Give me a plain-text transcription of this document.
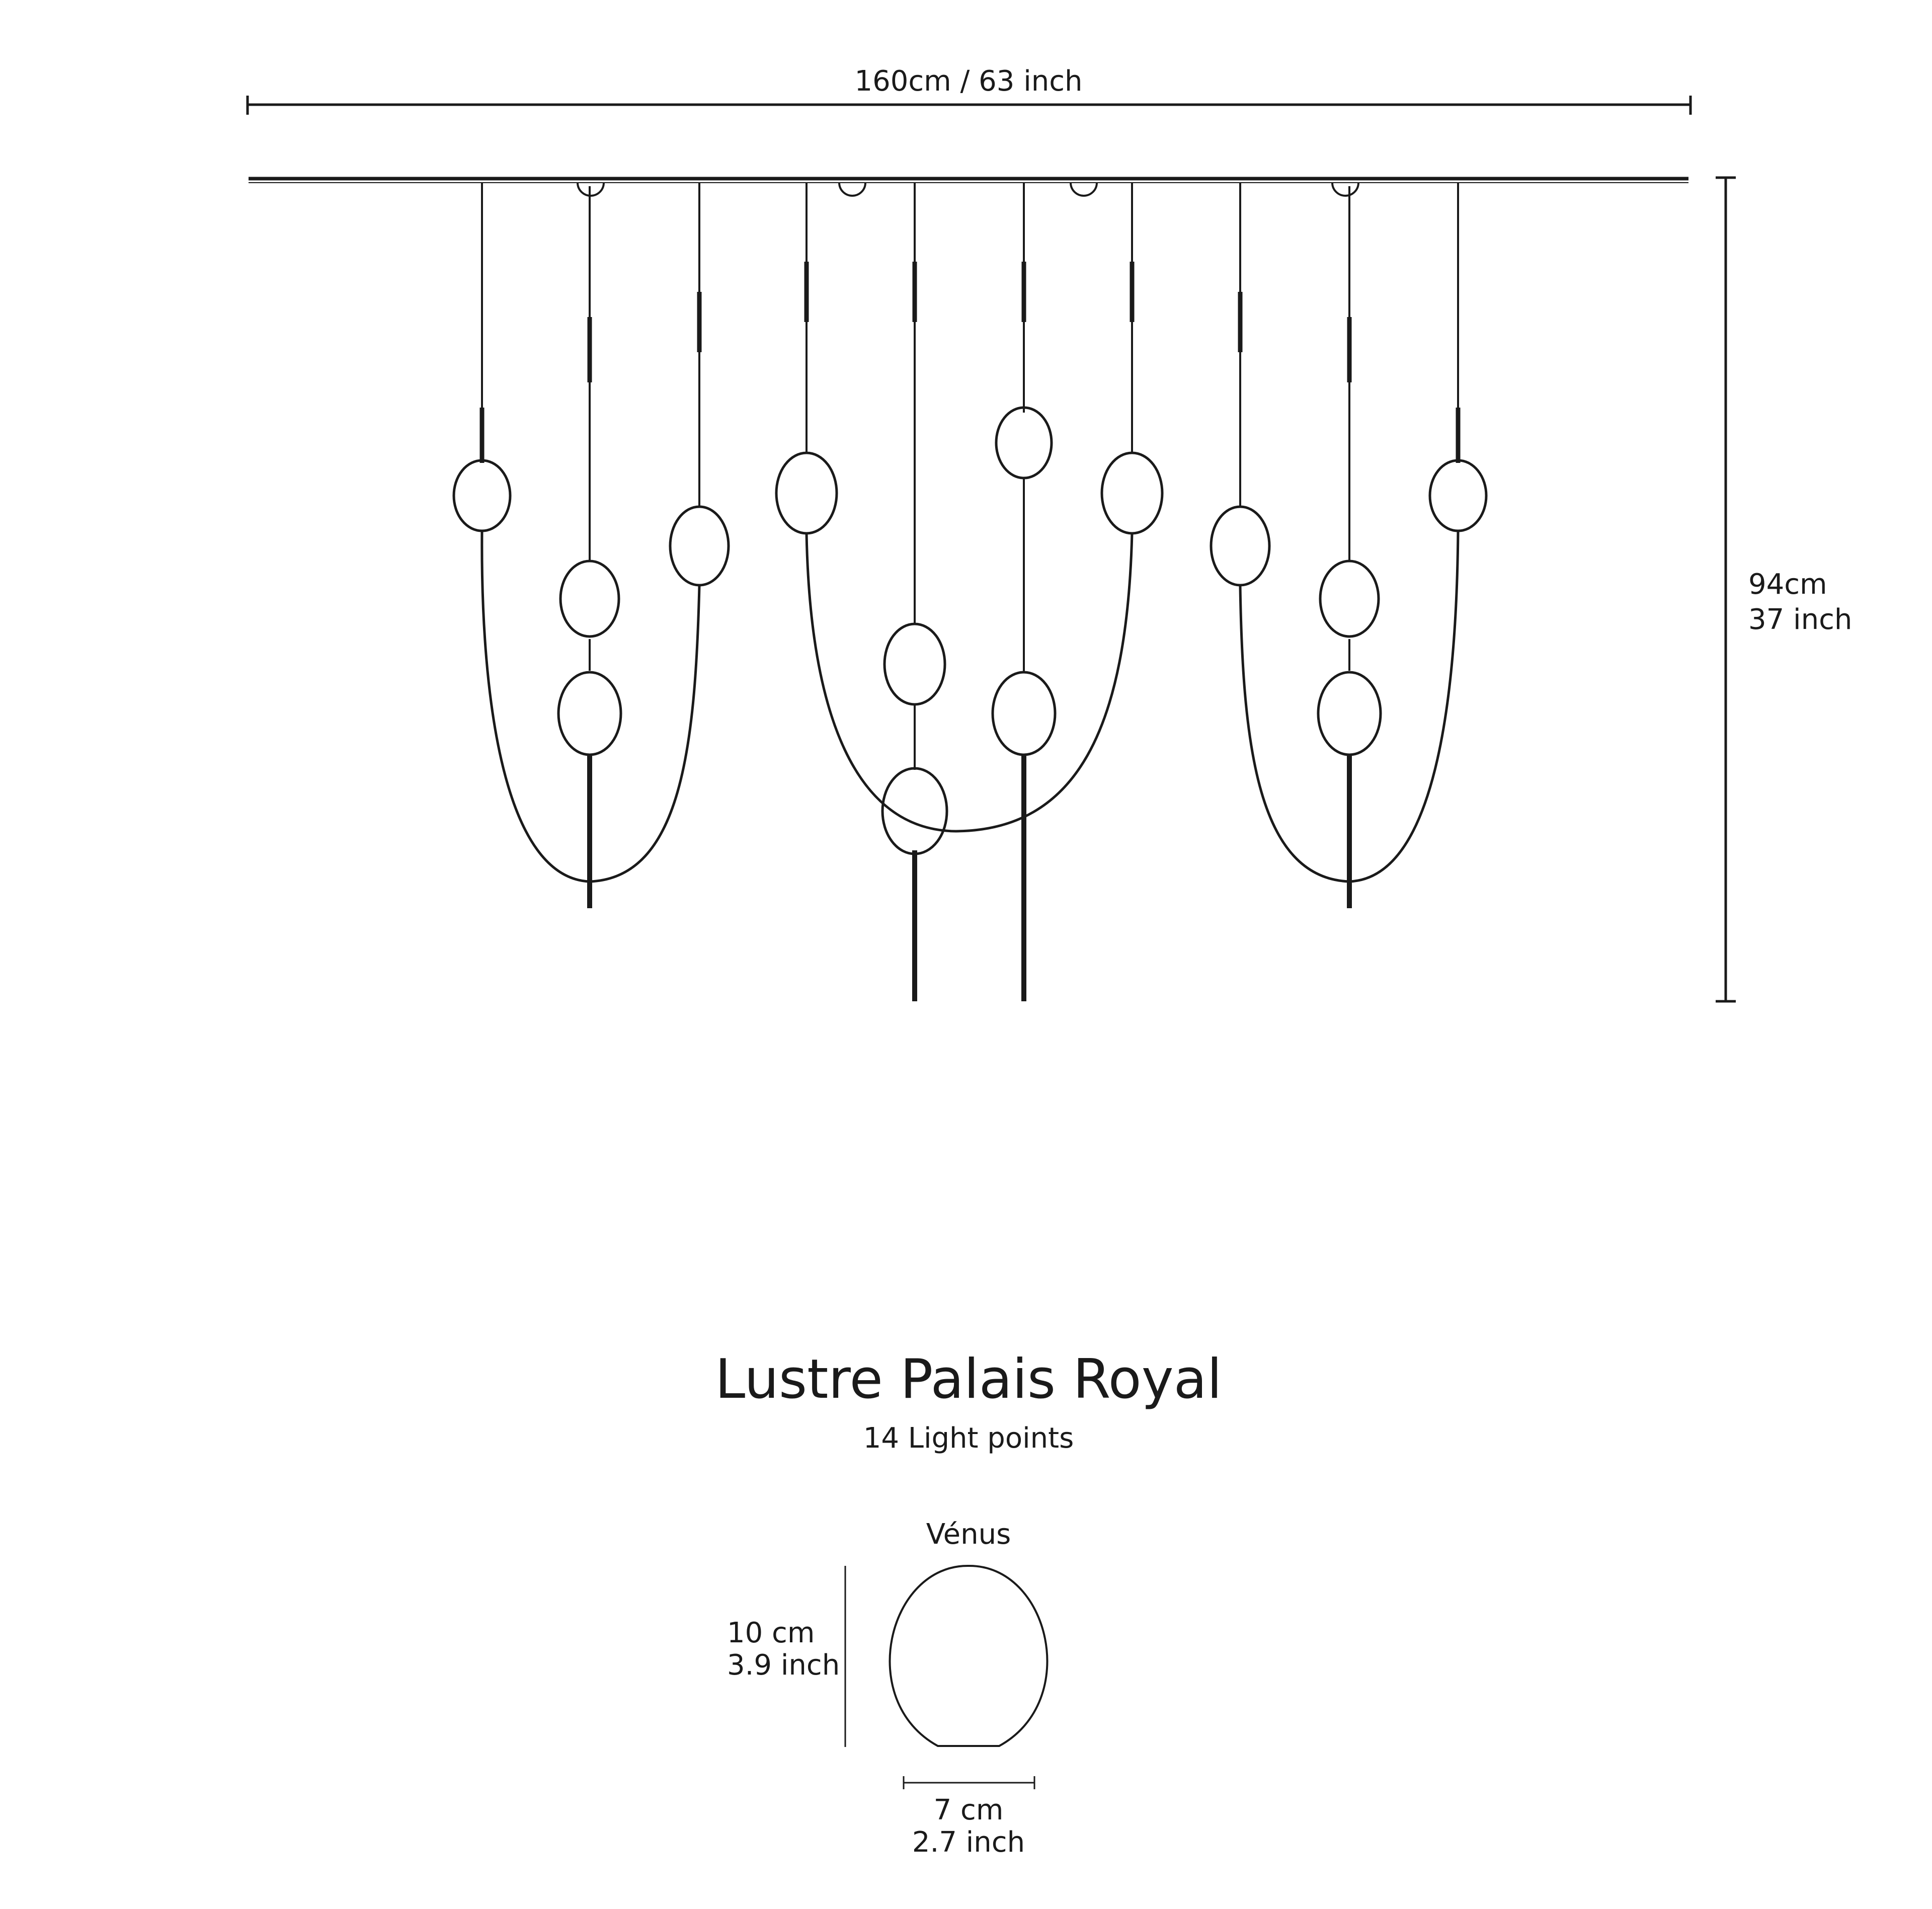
160cm / 63 inch
94cm
37 inch
Lustre Palais Royal
14 Light points
Vénus
10 cm
3.9 inch
7 cm
2.7 inch
